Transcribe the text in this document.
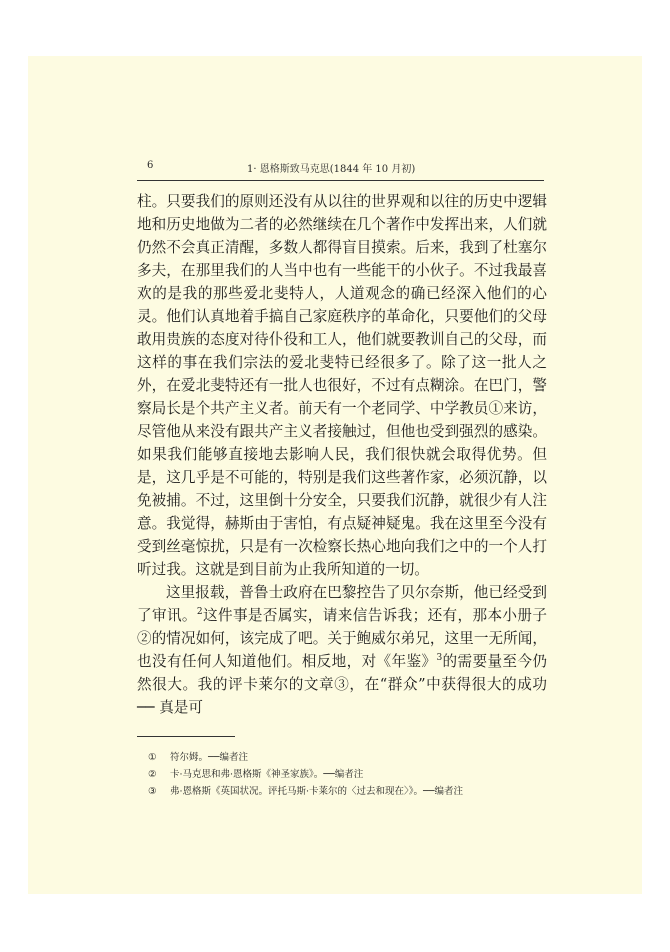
6	1· 恩格斯致马克思(1844 年 10 月初)

柱。只要我们的原则还没有从以往的世界观和以往的历史中逻辑地和历史地做为二者的必然继续在几个著作中发挥出来，人们就仍然不会真正清醒，多数人都得盲目摸索。后来，我到了杜塞尔多夫，在那里我们的人当中也有一些能干的小伙子。不过我最喜欢的是我的那些爱北斐特人，人道观念的确已经深入他们的心灵。他们认真地着手搞自己家庭秩序的革命化，只要他们的父母敢用贵族的态度对待仆役和工人，他们就要教训自己的父母，而这样的事在我们宗法的爱北斐特已经很多了。除了这一批人之外，在爱北斐特还有一批人也很好，不过有点糊涂。在巴门，警察局长是个共产主义者。前天有一个老同学、中学教员①来访，尽管他从来没有跟共产主义者接触过，但他也受到强烈的感染。如果我们能够直接地去影响人民，我们很快就会取得优势。但是，这几乎是不可能的，特别是我们这些著作家，必须沉静，以免被捕。不过，这里倒十分安全，只要我们沉静，就很少有人注意。我觉得，赫斯由于害怕，有点疑神疑鬼。我在这里至今没有受到丝毫惊扰，只是有一次检察长热心地向我们之中的一个人打听过我。这就是到目前为止我所知道的一切。

这里报载，普鲁士政府在巴黎控告了贝尔奈斯，他已经受到了审讯。$^2$这件事是否属实，请来信告诉我；还有，那本小册子②的情况如何，该完成了吧。关于鲍威尔弟兄，这里一无所闻，也没有任何人知道他们。相反地，对《年鉴》$^3$的需要量至今仍然很大。我的评卡莱尔的文章③，在“群众”中获得很大的成功── 真是可

① 符尔姆。──编者注
② 卡·马克思和弗·恩格斯《神圣家族》。──编者注
③ 弗·恩格斯《英国状况。评托马斯·卡莱尔的〈过去和现在〉》。──编者注
